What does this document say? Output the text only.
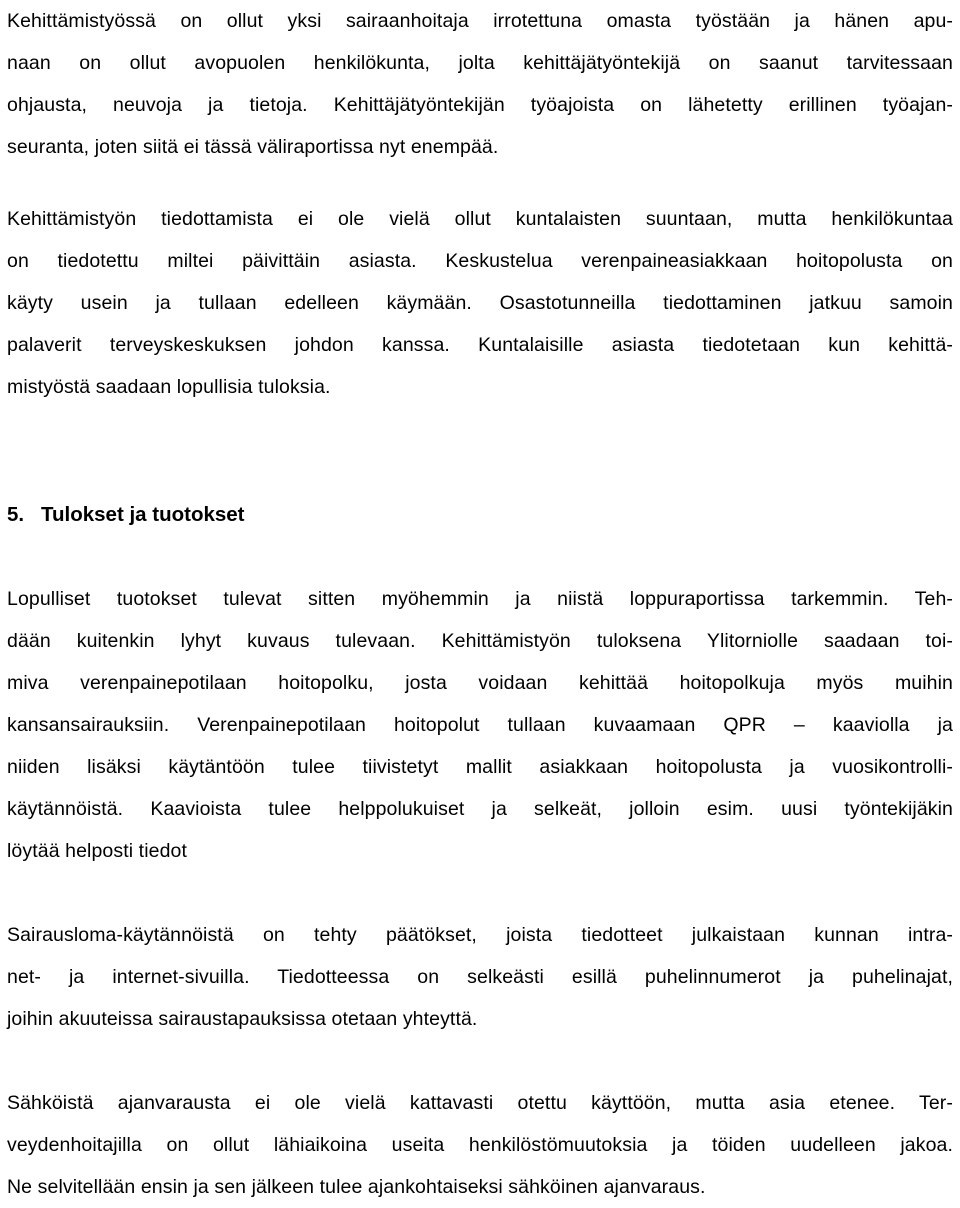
Kehittämistyössä on ollut yksi sairaanhoitaja irrotettuna omasta työstään ja hänen apu-
naan on ollut avopuolen henkilökunta, jolta kehittäjätyöntekijä on saanut tarvitessaan
ohjausta, neuvoja ja tietoja. Kehittäjätyöntekijän työajoista on lähetetty erillinen työajan-
seuranta, joten siitä ei tässä väliraportissa nyt enempää.
Kehittämistyön tiedottamista ei ole vielä ollut kuntalaisten suuntaan, mutta henkilökuntaa
on tiedotettu miltei päivittäin asiasta. Keskustelua verenpaineasiakkaan hoitopolusta on
käyty usein ja tullaan edelleen käymään. Osastotunneilla tiedottaminen jatkuu samoin
palaverit terveyskeskuksen johdon kanssa. Kuntalaisille asiasta tiedotetaan kun kehittä-
mistyöstä saadaan lopullisia tuloksia.
5. Tulokset ja tuotokset
Lopulliset tuotokset tulevat sitten myöhemmin ja niistä loppuraportissa tarkemmin. Teh-
dään kuitenkin lyhyt kuvaus tulevaan. Kehittämistyön tuloksena Ylitorniolle saadaan toi-
miva verenpainepotilaan hoitopolku, josta voidaan kehittää hoitopolkuja myös muihin
kansansairauksiin. Verenpainepotilaan hoitopolut tullaan kuvaamaan QPR – kaaviolla ja
niiden lisäksi käytäntöön tulee tiivistetyt mallit asiakkaan hoitopolusta ja vuosikontrolli-
käytännöistä. Kaavioista tulee helppolukuiset ja selkeät, jolloin esim. uusi työntekijäkin
löytää helposti tiedot
Sairausloma-käytännöistä on tehty päätökset, joista tiedotteet julkaistaan kunnan intra-
net- ja internet-sivuilla. Tiedotteessa on selkeästi esillä puhelinnumerot ja puhelinajat,
joihin akuuteissa sairaustapauksissa otetaan yhteyttä.
Sähköistä ajanvarausta ei ole vielä kattavasti otettu käyttöön, mutta asia etenee. Ter-
veydenhoitajilla on ollut lähiaikoina useita henkilöstömuutoksia ja töiden uudelleen jakoa.
Ne selvitellään ensin ja sen jälkeen tulee ajankohtaiseksi sähköinen ajanvaraus.
